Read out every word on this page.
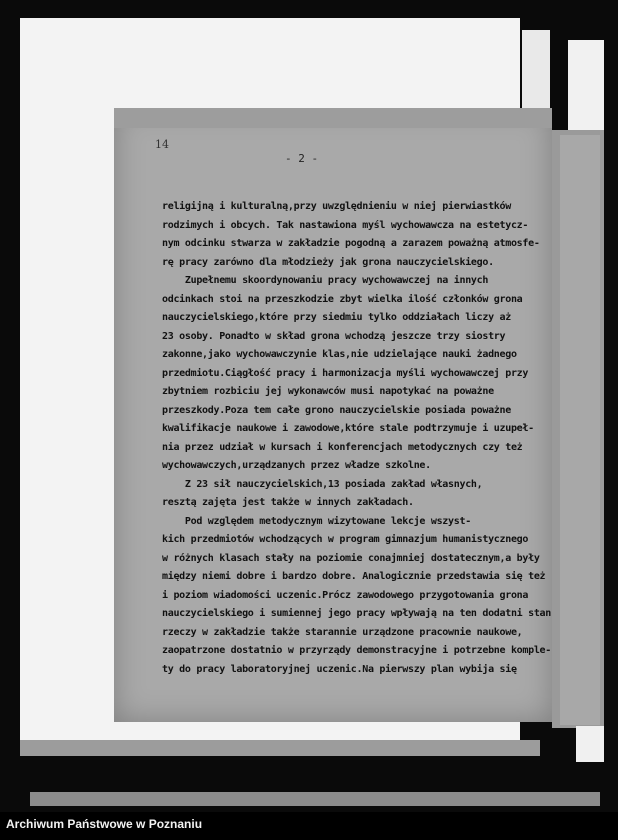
14
- 2 -
religijną i kulturalną,przy uwzględnieniu w niej pierwiastków
rodzimych i obcych. Tak nastawiona myśl wychowawcza na estetycz-
nym odcinku stwarza w zakładzie pogodną a zarazem poważną atmosfe-
rę pracy zarówno dla młodzieży jak grona nauczycielskiego.
Zupełnemu skoordynowaniu pracy wychowawczej na innych
odcinkach stoi na przeszkodzie zbyt wielka ilość członków grona
nauczycielskiego,które przy siedmiu tylko oddziałach liczy aż
23 osoby. Ponadto w skład grona wchodzą jeszcze trzy siostry
zakonne,jako wychowawczynie klas,nie udzielające nauki żadnego
przedmiotu.Ciągłość pracy i harmonizacja myśli wychowawczej przy
zbytniem rozbiciu jej wykonawców musi napotykać na poważne
przeszkody.Poza tem całe grono nauczycielskie posiada poważne
kwalifikacje naukowe i zawodowe,które stale podtrzymuje i uzupeł-
nia przez udział w kursach i konferencjach metodycznych czy też
wychowawczych,urządzanych przez władze szkolne.
Z 23 sił nauczycielskich,13 posiada zakład własnych,
resztą zajęta jest także w innych zakładach.
Pod względem metodycznym wizytowane lekcje wszyst-
kich przedmiotów wchodzących w program gimnazjum humanistycznego
w różnych klasach stały na poziomie conajmniej dostatecznym,a były
między niemi dobre i bardzo dobre. Analogicznie przedstawia się też
i poziom wiadomości uczenic.Prócz zawodowego przygotowania grona
nauczycielskiego i sumiennej jego pracy wpływają na ten dodatni stan
rzeczy w zakładzie także starannie urządzone pracownie naukowe,
zaopatrzone dostatnio w przyrządy demonstracyjne i potrzebne komple-
ty do pracy laboratoryjnej uczenic.Na pierwszy plan wybija się
Archiwum Państwowe w Poznaniu
